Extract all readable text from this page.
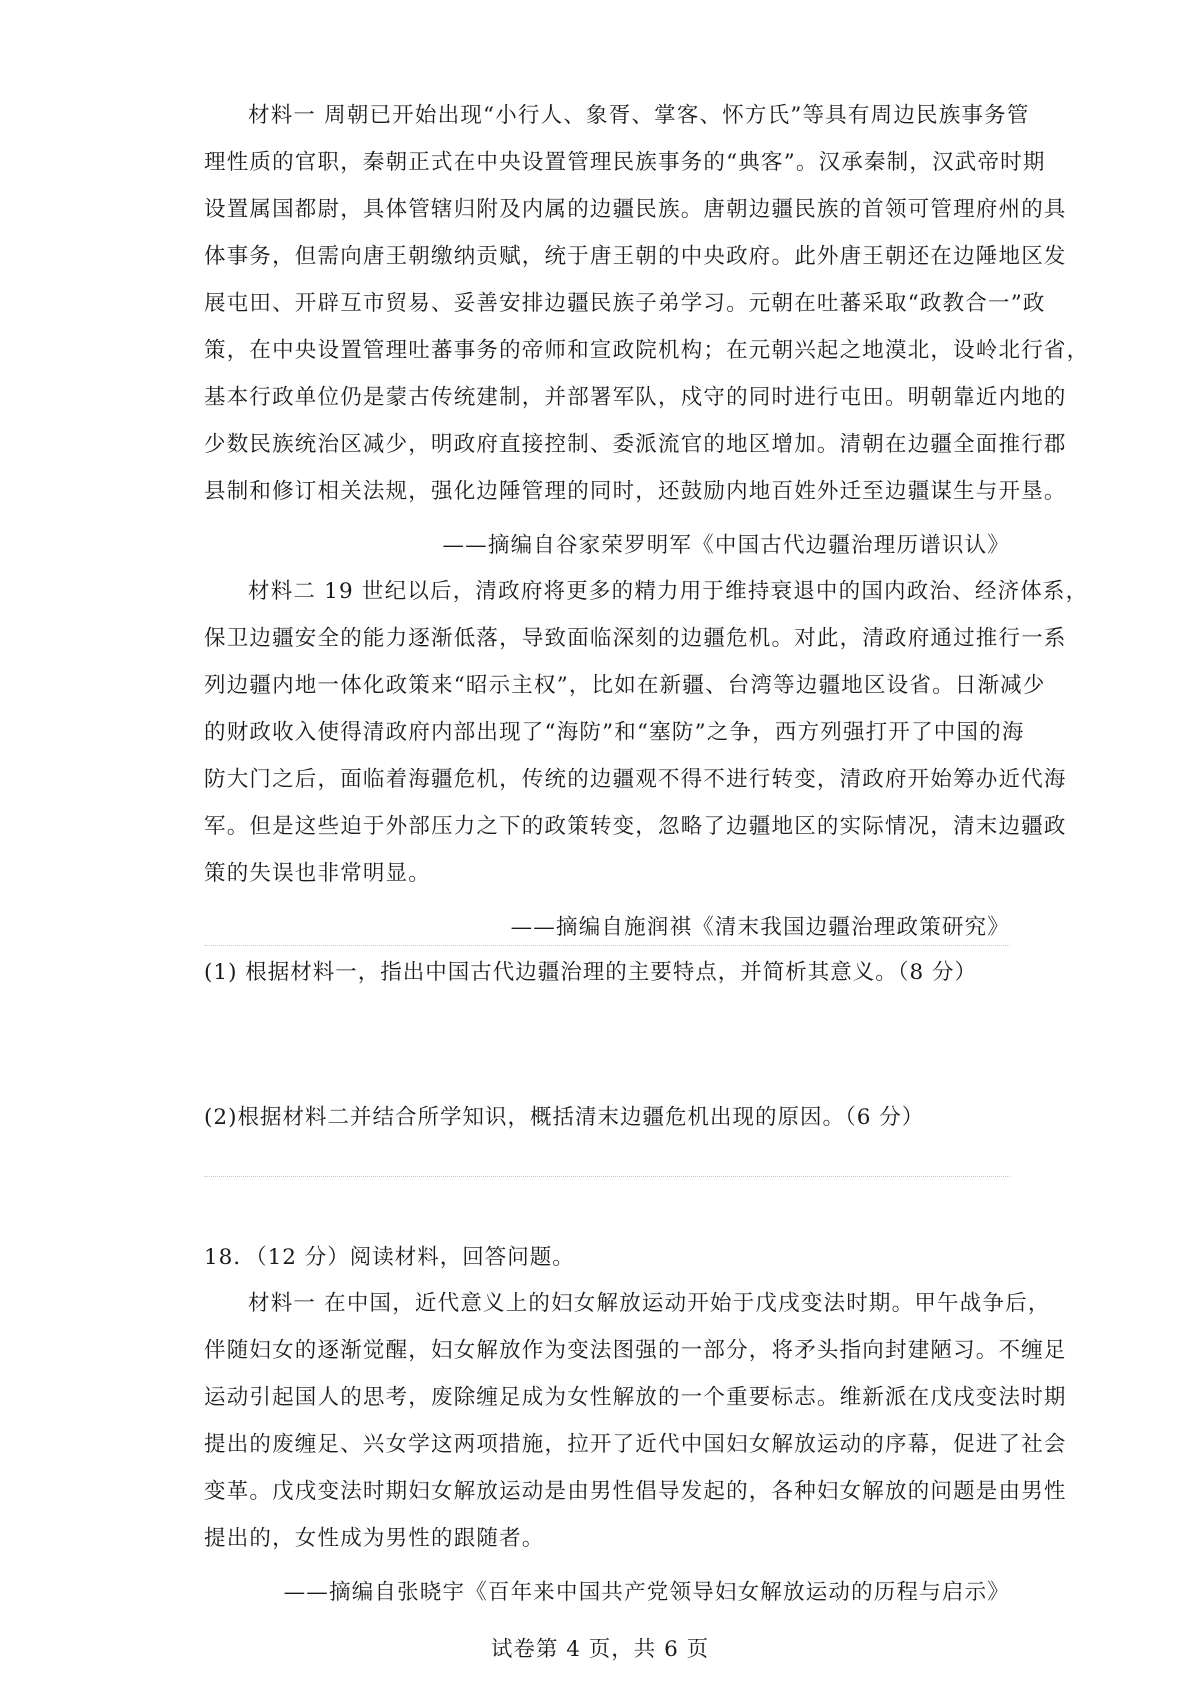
材料一 周朝已开始出现“小行人、象胥、掌客、怀方氏”等具有周边民族事务管
理性质的官职，秦朝正式在中央设置管理民族事务的“典客”。汉承秦制，汉武帝时期
设置属国都尉，具体管辖归附及内属的边疆民族。唐朝边疆民族的首领可管理府州的具
体事务，但需向唐王朝缴纳贡赋，统于唐王朝的中央政府。此外唐王朝还在边陲地区发
展屯田、开辟互市贸易、妥善安排边疆民族子弟学习。元朝在吐蕃采取“政教合一”政
策，在中央设置管理吐蕃事务的帝师和宣政院机构；在元朝兴起之地漠北，设岭北行省，
基本行政单位仍是蒙古传统建制，并部署军队，戍守的同时进行屯田。明朝靠近内地的
少数民族统治区减少，明政府直接控制、委派流官的地区增加。清朝在边疆全面推行郡
县制和修订相关法规，强化边陲管理的同时，还鼓励内地百姓外迁至边疆谋生与开垦。
——摘编自谷家荣罗明军《中国古代边疆治理历谱识认》
材料二 19 世纪以后，清政府将更多的精力用于维持衰退中的国内政治、经济体系，
保卫边疆安全的能力逐渐低落，导致面临深刻的边疆危机。对此，清政府通过推行一系
列边疆内地一体化政策来“昭示主权”，比如在新疆、台湾等边疆地区设省。日渐减少
的财政收入使得清政府内部出现了“海防”和“塞防”之争，西方列强打开了中国的海
防大门之后，面临着海疆危机，传统的边疆观不得不进行转变，清政府开始筹办近代海
军。但是这些迫于外部压力之下的政策转变，忽略了边疆地区的实际情况，清末边疆政
策的失误也非常明显。
——摘编自施润祺《清末我国边疆治理政策研究》
(1) 根据材料一，指出中国古代边疆治理的主要特点，并简析其意义。（8 分）
(2)根据材料二并结合所学知识，概括清末边疆危机出现的原因。（6 分）
18．（12 分）阅读材料，回答问题。
材料一 在中国，近代意义上的妇女解放运动开始于戊戌变法时期。甲午战争后，
伴随妇女的逐渐觉醒，妇女解放作为变法图强的一部分，将矛头指向封建陋习。不缠足
运动引起国人的思考，废除缠足成为女性解放的一个重要标志。维新派在戊戌变法时期
提出的废缠足、兴女学这两项措施，拉开了近代中国妇女解放运动的序幕，促进了社会
变革。戊戌变法时期妇女解放运动是由男性倡导发起的，各种妇女解放的问题是由男性
提出的，女性成为男性的跟随者。
——摘编自张晓宇《百年来中国共产党领导妇女解放运动的历程与启示》
试卷第 4 页，共 6 页
